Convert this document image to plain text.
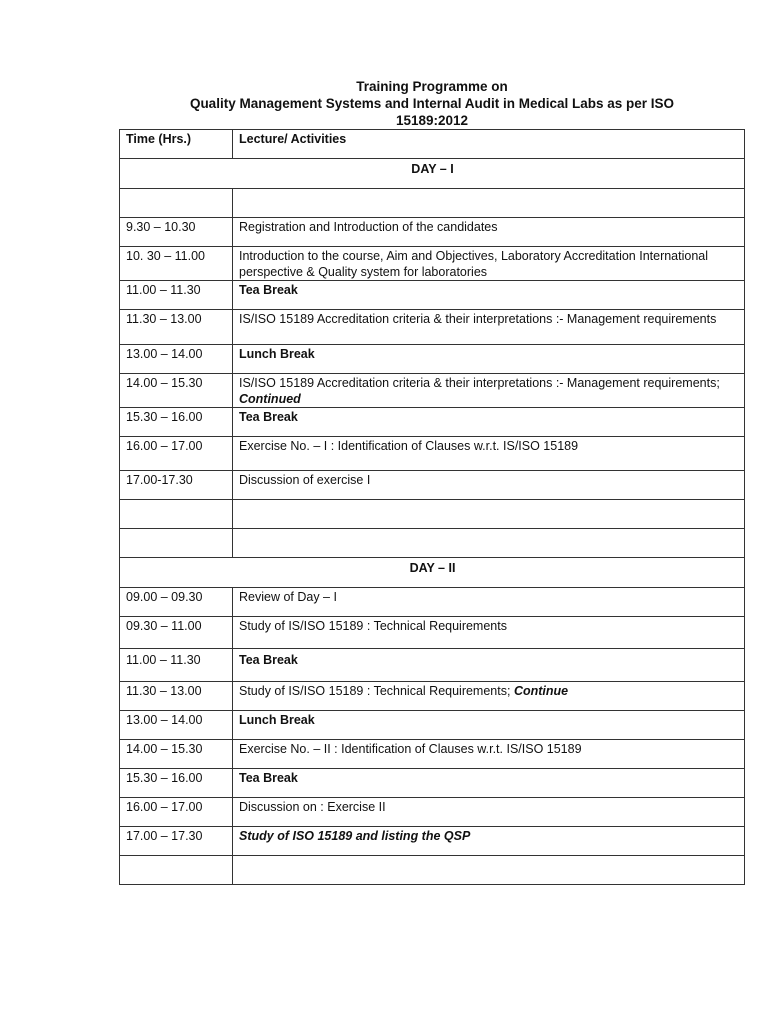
Training Programme on
Quality Management Systems and Internal Audit in Medical Labs as per ISO
15189:2012
Time (Hrs.)	Lecture/ Activities
DAY – I	

9.30 – 10.30	Registration and Introduction of the candidates
10. 30 – 11.00	Introduction to the course, Aim and Objectives, Laboratory Accreditation International perspective & Quality system for laboratories
11.00 – 11.30	Tea Break
11.30 – 13.00	IS/ISO 15189 Accreditation criteria & their interpretations :- Management requirements
13.00 – 14.00	Lunch Break
14.00 – 15.30	IS/ISO 15189 Accreditation criteria & their interpretations :- Management requirements; Continued
15.30 – 16.00	Tea Break
16.00 – 17.00	Exercise No. – I : Identification of Clauses w.r.t. IS/ISO 15189
17.00-17.30	Discussion of exercise I

DAY – II	
09.00 – 09.30	Review of Day – I
09.30 – 11.00	Study of IS/ISO 15189 : Technical Requirements
11.00 – 11.30	Tea Break
11.30 – 13.00	Study of IS/ISO 15189 : Technical Requirements; Continue
13.00 – 14.00	Lunch Break
14.00 – 15.30	Exercise No. – II : Identification of Clauses w.r.t. IS/ISO 15189
15.30 – 16.00	Tea Break
16.00 – 17.00	Discussion on : Exercise II
17.00 – 17.30	Study of ISO 15189 and listing the QSP
